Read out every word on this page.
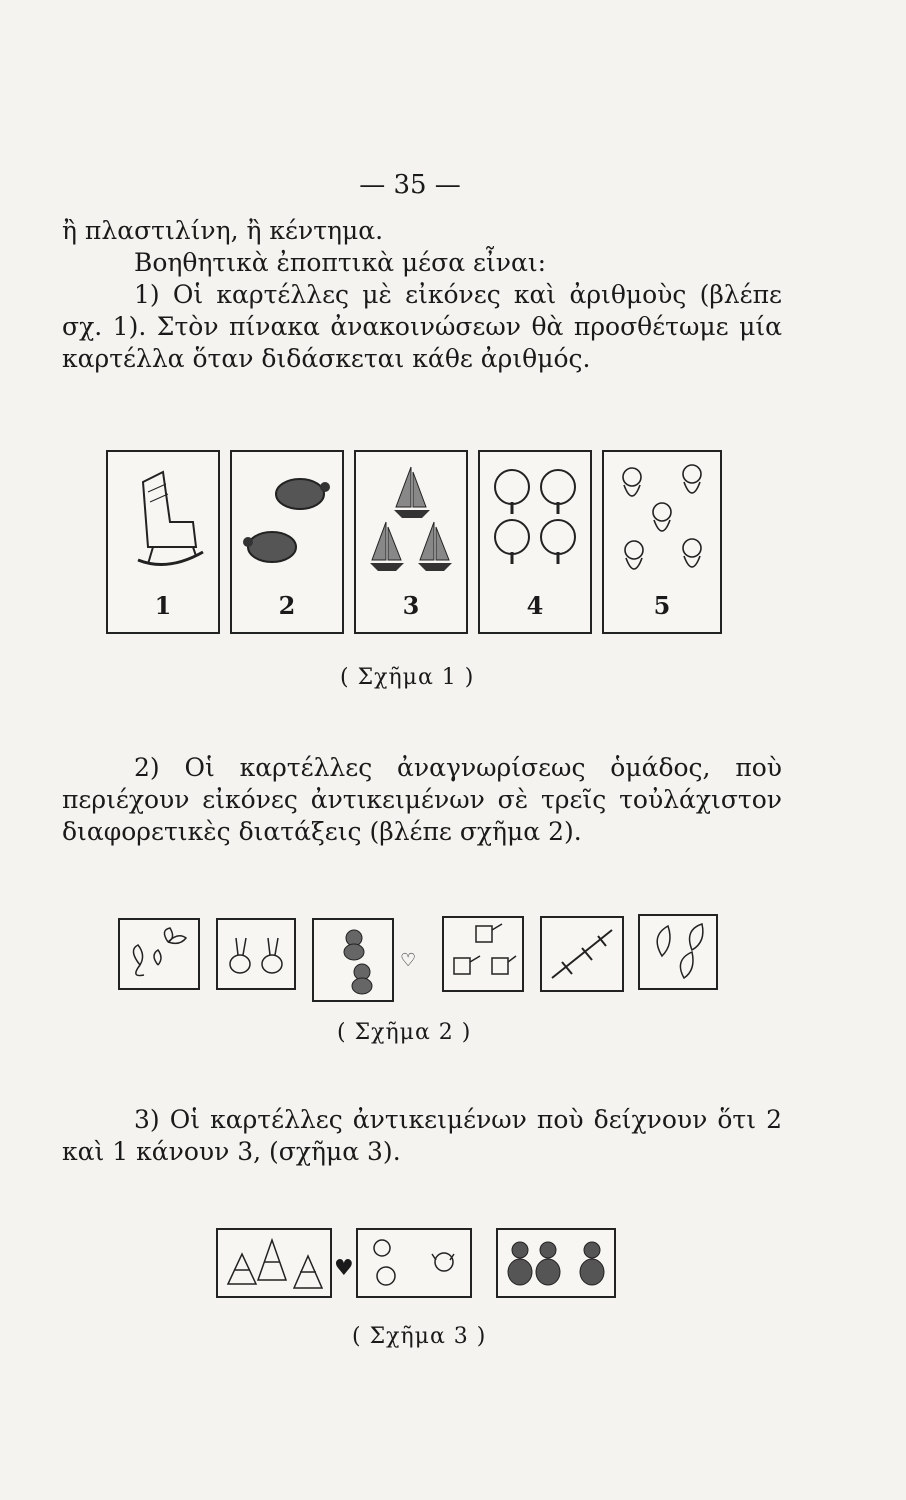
— 35 —

ἢ πλαστιλίνη, ἢ κέντημα.

Βοηθητικὰ ἐποπτικὰ μέσα εἶναι:

1) Οἱ καρτέλλες μὲ εἰκόνες καὶ ἀριθμοὺς (βλέπε σχ. 1). Στὸν πίνακα ἀνακοινώσεων θὰ προσθέτωμε μία καρτέλλα ὅταν διδάσκεται κάθε ἀριθμός.

1	2	3	4	5
( Σχῆμα 1 )

2) Οἱ καρτέλλες ἀναγνωρίσεως ὁμάδος, ποὺ περιέχουν εἰκόνες ἀντικειμένων σὲ τρεῖς τοὐλάχιστον διαφορετικὲς διατάξεις (βλέπε σχῆμα 2).

♡
( Σχῆμα 2 )

3) Οἱ καρτέλλες ἀντικειμένων ποὺ δείχνουν ὅτι 2 καὶ 1 κάνουν 3, (σχῆμα 3).

♥
( Σχῆμα 3 )
